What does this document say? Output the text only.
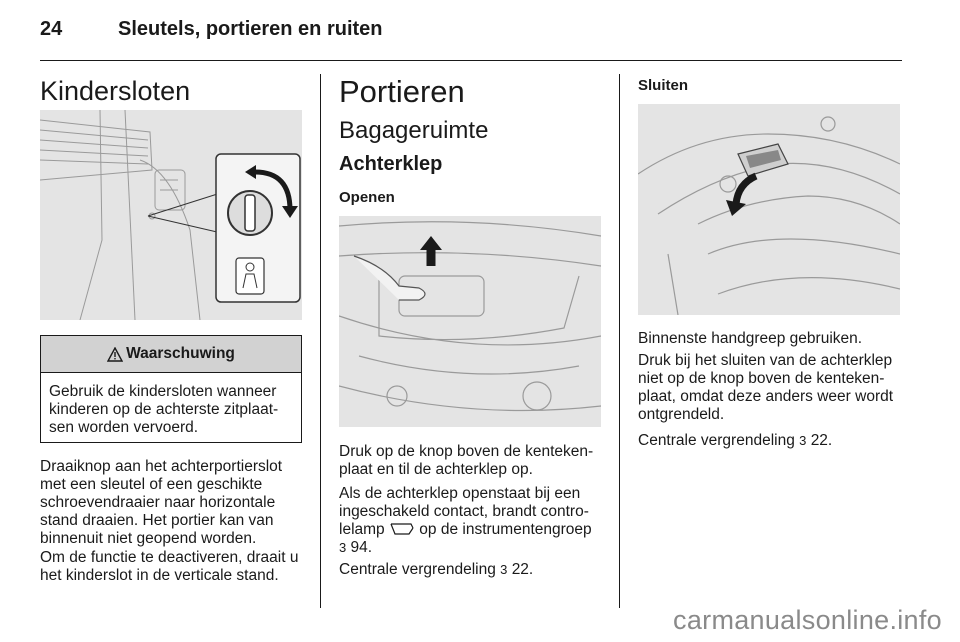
24	Sleutels, portieren en ruiten
Kindersloten
Waarschuwing
Gebruik de kindersloten wanneer
kinderen op de achterste zitplaat-
sen worden vervoerd.
Draaiknop aan het achterportierslot
met een sleutel of een geschikte
schroevendraaier naar horizontale
stand draaien. Het portier kan van
binnenuit niet geopend worden.
Om de functie te deactiveren, draait u
het kinderslot in de verticale stand.
Portieren
Bagageruimte
Achterklep
Openen
Druk op de knop boven de kenteken-
plaat en til de achterklep op.
Als de achterklep openstaat bij een
ingeschakeld contact, brandt contro-
lelamp op de instrumentengroep
3 94.
Centrale vergrendeling 3 22.
Sluiten
Binnenste handgreep gebruiken.
Druk bij het sluiten van de achterklep
niet op de knop boven de kenteken-
plaat, omdat deze anders weer wordt
ontgrendeld.
Centrale vergrendeling 3 22.
carmanualsonline.info
